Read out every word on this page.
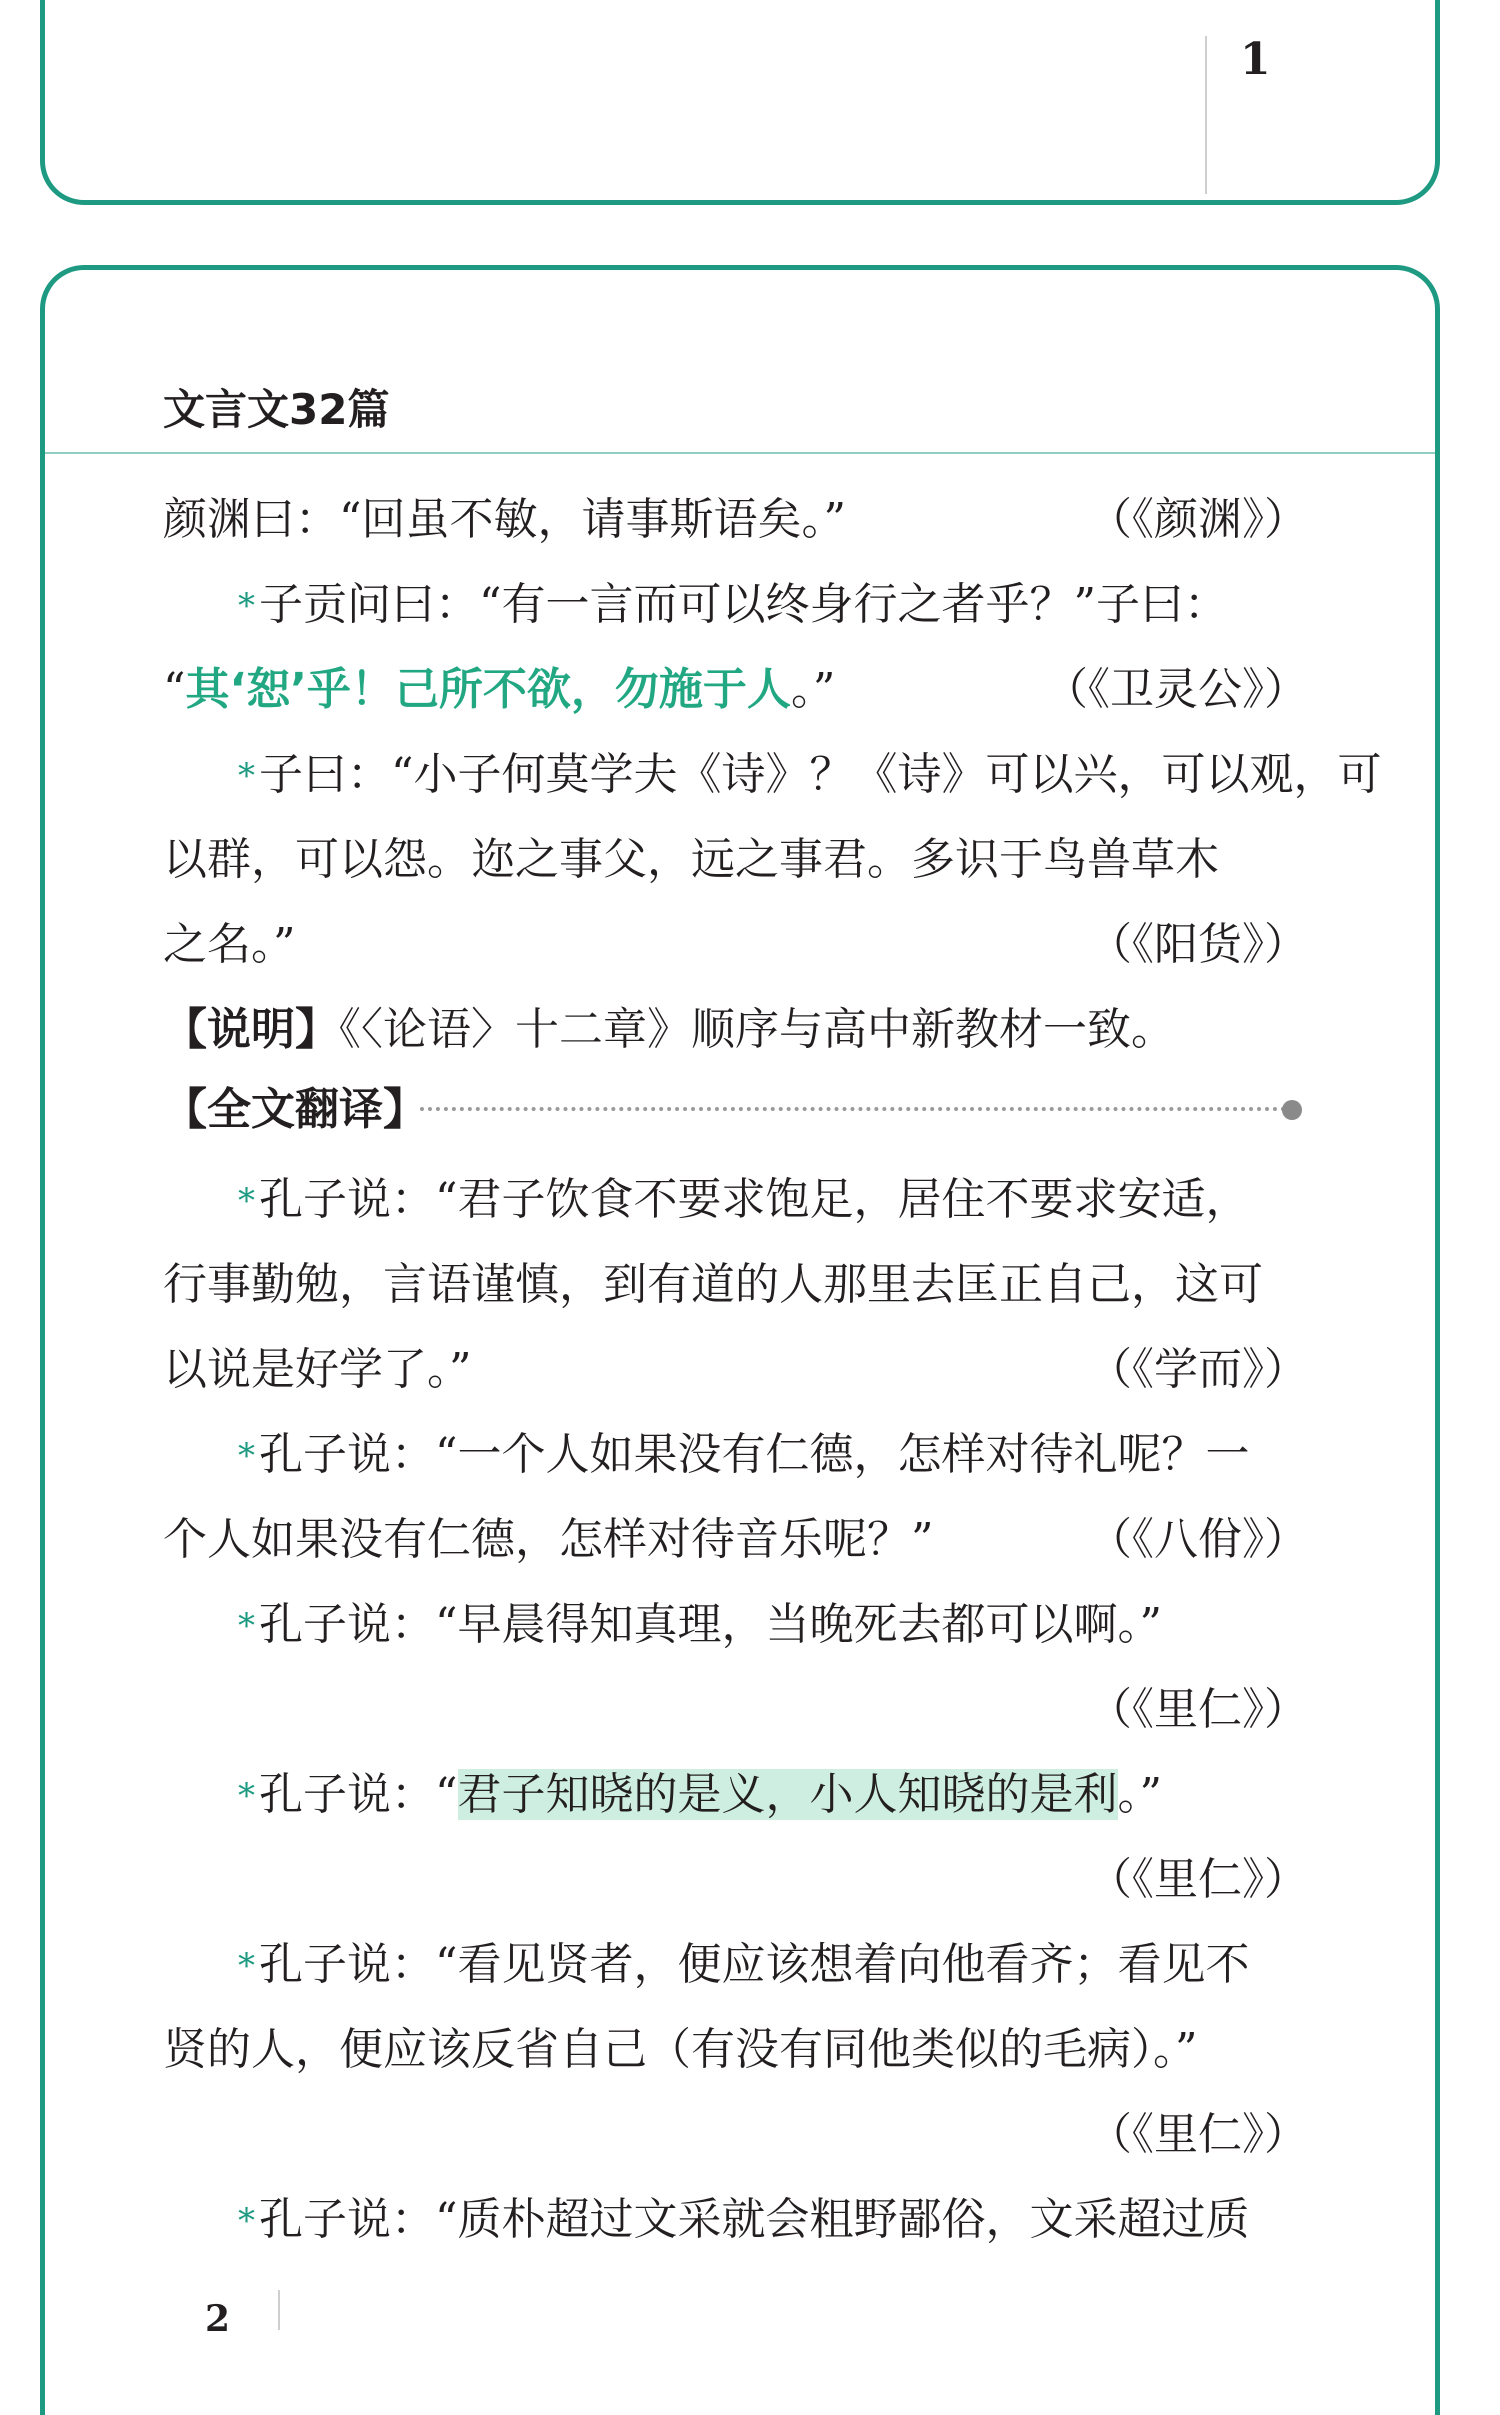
1
文言文32篇
颜渊曰：“回虽不敏，请事斯语矣。”	（《颜渊》）
*子贡问曰：“有一言而可以终身行之者乎？”子曰：
“其‘恕’乎！己所不欲，勿施于人。”	（《卫灵公》）
*子曰：“小子何莫学夫《诗》？《诗》可以兴，可以观，可
以群，可以怨。迩之事父，远之事君。多识于鸟兽草木
之名。”	（《阳货》）
【说明】《〈论语〉十二章》顺序与高中新教材一致。
【全文翻译】
*孔子说：“君子饮食不要求饱足，居住不要求安适，
行事勤勉，言语谨慎，到有道的人那里去匡正自己，这可
以说是好学了。”	（《学而》）
*孔子说：“一个人如果没有仁德，怎样对待礼呢？一
个人如果没有仁德，怎样对待音乐呢？”	（《八佾》）
*孔子说：“早晨得知真理，当晚死去都可以啊。”
（《里仁》）
*孔子说：“君子知晓的是义，小人知晓的是利。”
（《里仁》）
*孔子说：“看见贤者，便应该想着向他看齐；看见不
贤的人，便应该反省自己（有没有同他类似的毛病）。”
（《里仁》）
*孔子说：“质朴超过文采就会粗野鄙俗，文采超过质
2
